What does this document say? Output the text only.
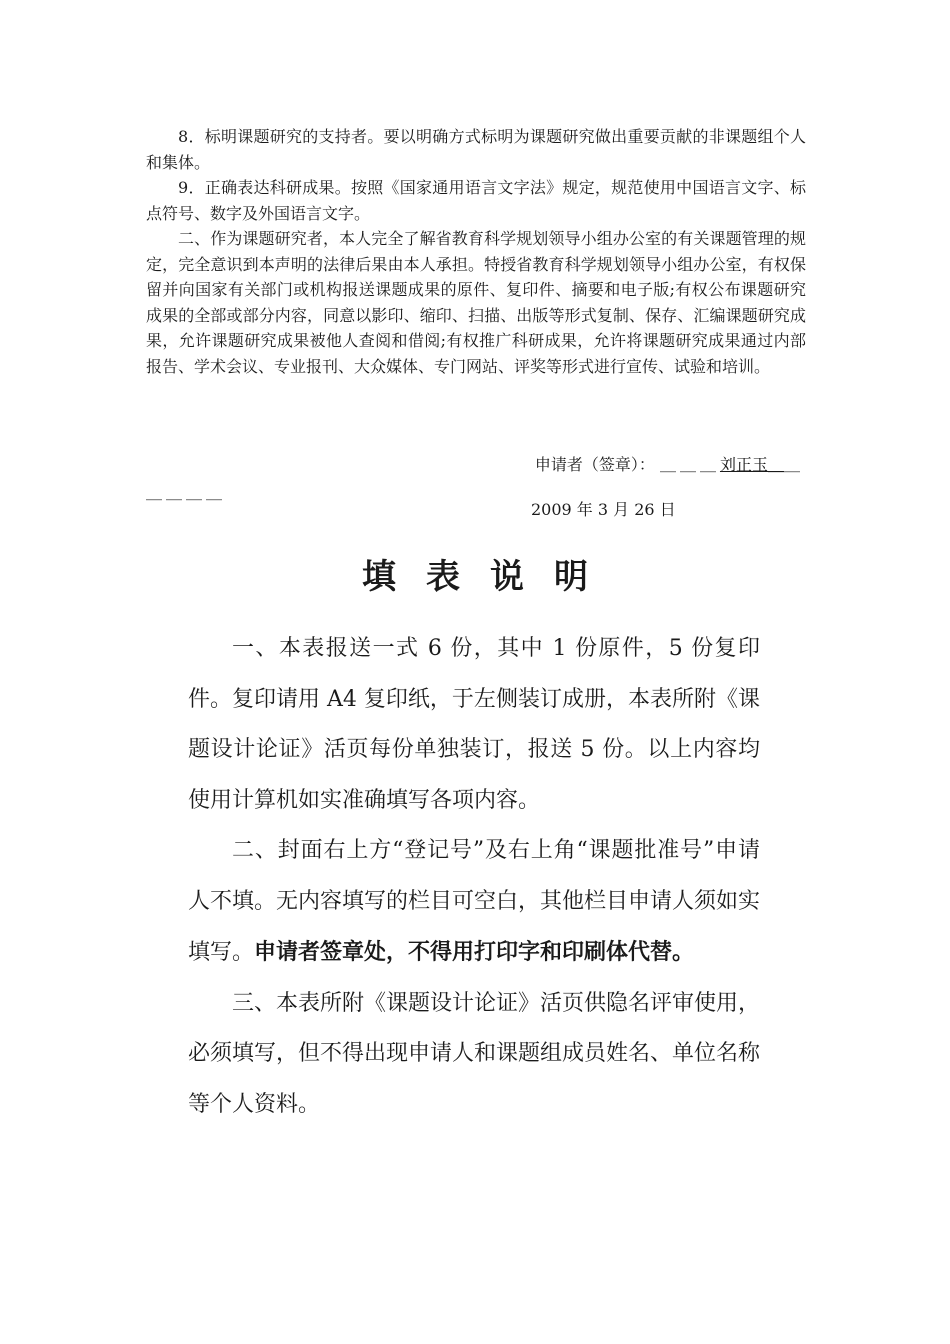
8．标明课题研究的支持者。要以明确方式标明为课题研究做出重要贡献的非课题组个人和集体。

9．正确表达科研成果。按照《国家通用语言文字法》规定，规范使用中国语言文字、标点符号、数字及外国语言文字。

二、作为课题研究者，本人完全了解省教育科学规划领导小组办公室的有关课题管理的规定，完全意识到本声明的法律后果由本人承担。特授省教育科学规划领导小组办公室，有权保留并向国家有关部门或机构报送课题成果的原件、复印件、摘要和电子版;有权公布课题研究成果的全部或部分内容，同意以影印、缩印、扫描、出版等形式复制、保存、汇编课题研究成果，允许课题研究成果被他人查阅和借阅;有权推广科研成果，允许将课题研究成果通过内部报告、学术会议、专业报刊、大众媒体、专门网站、评奖等形式进行宣传、试验和培训。

申请者（签章）： ＿＿＿刘正玉＿＿
＿＿＿＿
2009 年 3 月 26 日
填表说明

一、本表报送一式 6 份，其中 1 份原件，5 份复印件。复印请用 A4 复印纸，于左侧装订成册，本表所附《课题设计论证》活页每份单独装订，报送 5 份。以上内容均使用计算机如实准确填写各项内容。

二、封面右上方“登记号”及右上角“课题批准号”申请人不填。无内容填写的栏目可空白，其他栏目申请人须如实填写。申请者签章处，不得用打印字和印刷体代替。

三、本表所附《课题设计论证》活页供隐名评审使用，必须填写，但不得出现申请人和课题组成员姓名、单位名称等个人资料。
